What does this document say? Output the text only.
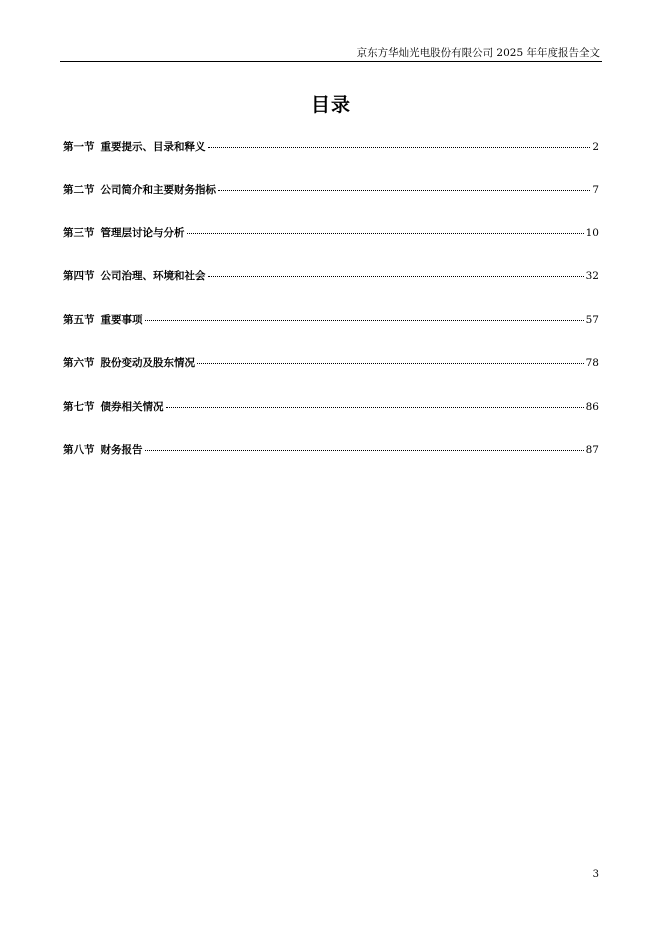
京东方华灿光电股份有限公司 2025 年年度报告全文
目录
第一节 重要提示、目录和释义	2
第二节 公司简介和主要财务指标	7
第三节 管理层讨论与分析	10
第四节 公司治理、环境和社会	32
第五节 重要事项	57
第六节 股份变动及股东情况	78
第七节 债券相关情况	86
第八节 财务报告	87
3
